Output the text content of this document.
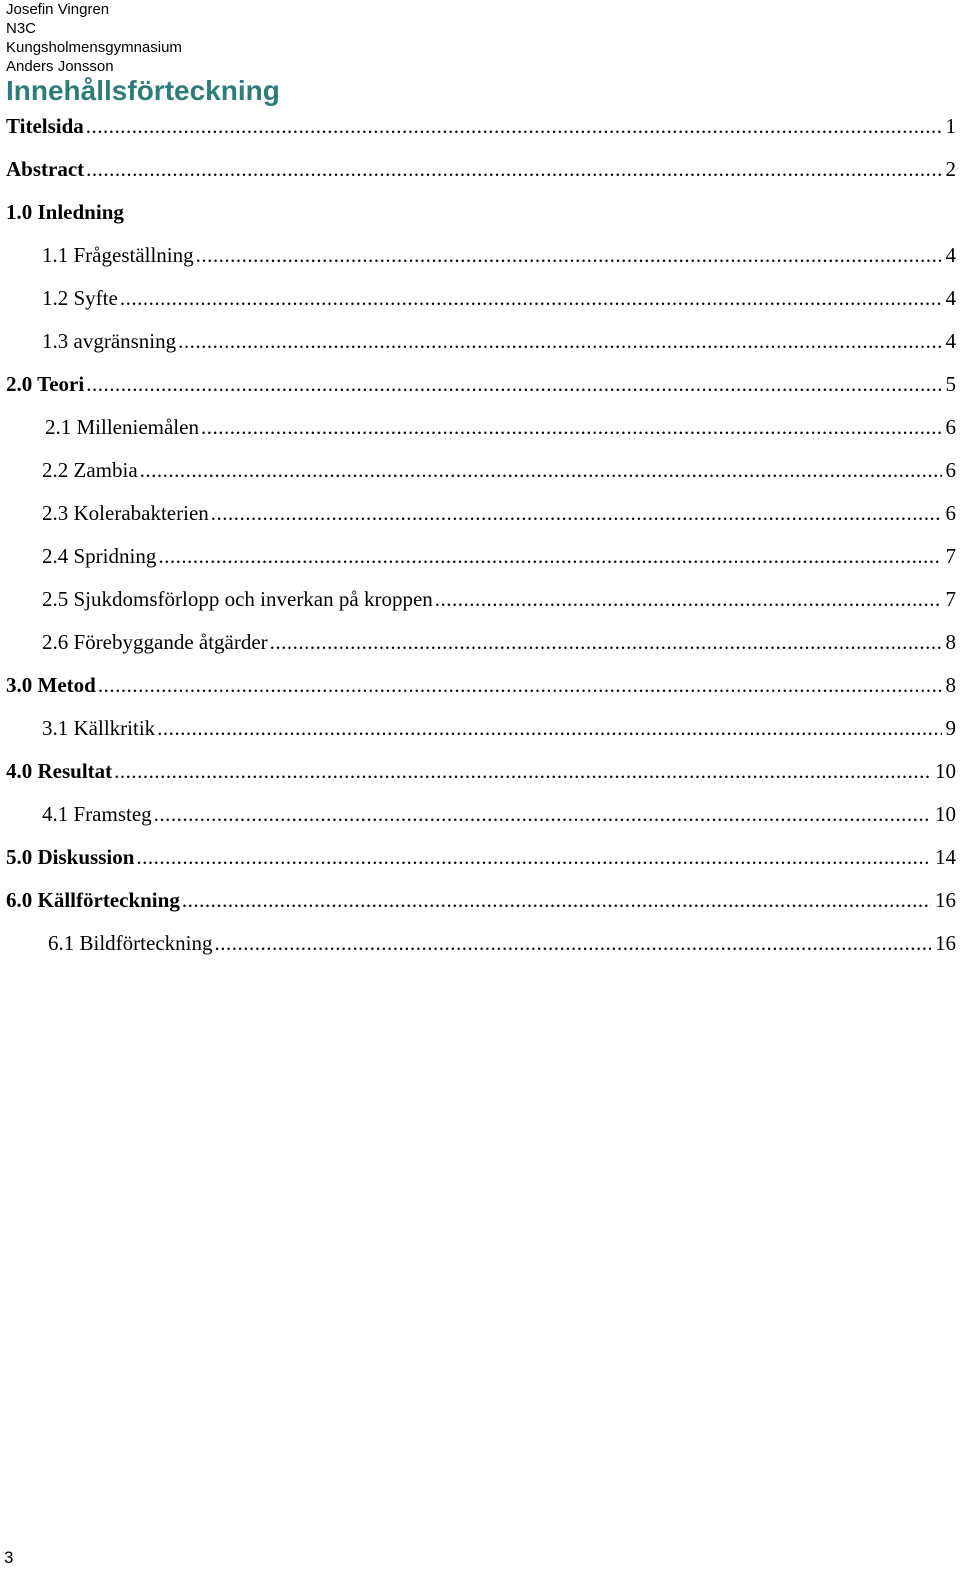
Josefin Vingren
N3C
Kungsholmensgymnasium
Anders Jonsson
Innehållsförteckning
Titelsida .....	1
Abstract .....	2
1.0 Inledning
1.1 Frågeställning .....	4
1.2 Syfte .....	4
1.3 avgränsning .....	4
2.0 Teori .....	5
2.1 Milleniemålen .....	6
2.2 Zambia .....	6
2.3 Kolerabakterien .....	6
2.4 Spridning .....	7
2.5 Sjukdomsförlopp och inverkan på kroppen .....	7
2.6 Förebyggande åtgärder .....	8
3.0 Metod .....	8
3.1 Källkritik .....	9
4.0 Resultat .....	10
4.1 Framsteg .....	10
5.0 Diskussion .....	14
6.0 Källförteckning .....	16
6.1 Bildförteckning .....	16
3
